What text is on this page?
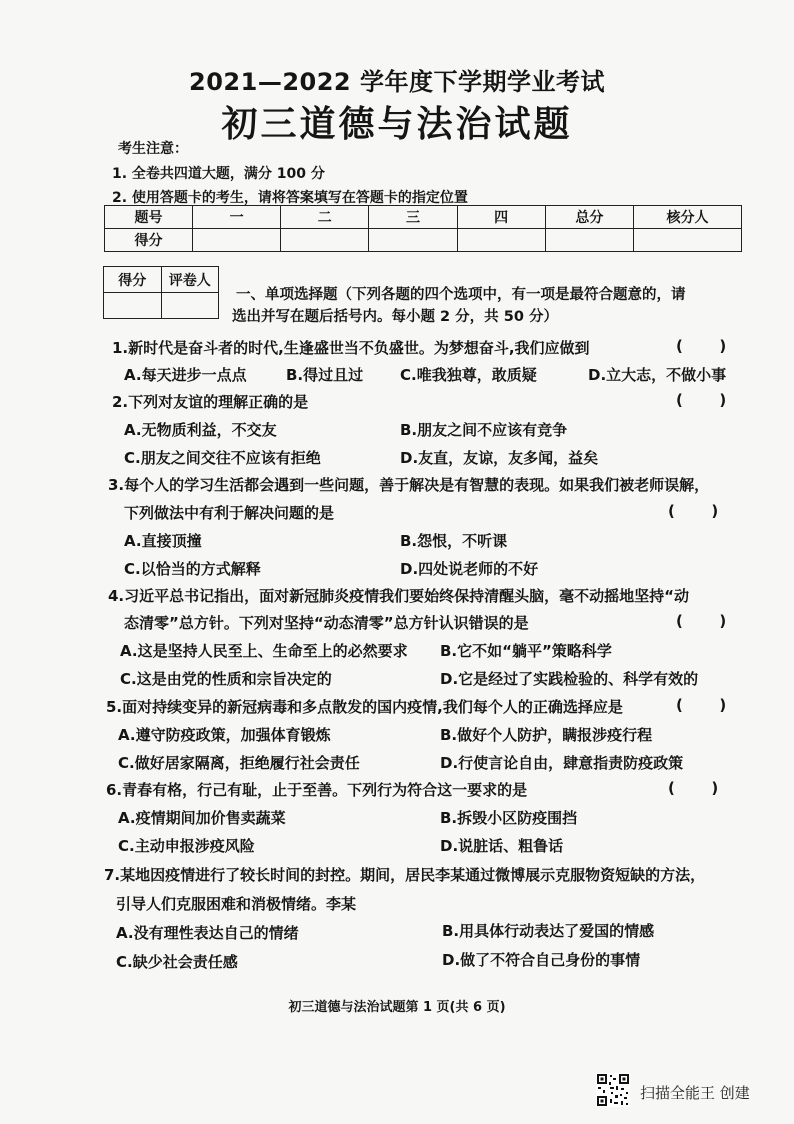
2021—2022 学年度下学期学业考试
初三道德与法治试题
考生注意：
1. 全卷共四道大题，满分 100 分
2. 使用答题卡的考生，请将答案填写在答题卡的指定位置
题号	一	二	三	四	总分	核分人
得分						
得分	评卷人

一、单项选择题（下列各题的四个选项中，有一项是最符合题意的，请
选出并写在题后括号内。每小题 2 分，共 50 分）
1.新时代是奋斗者的时代,生逢盛世当不负盛世。为梦想奋斗,我们应做到	(       )
A.每天进步一点点	B.得过且过 C.唯我独尊，敢质疑	D.立大志，不做小事
2.下列对友谊的理解正确的是	(       )
A.无物质利益，不交友	B.朋友之间不应该有竞争
C.朋友之间交往不应该有拒绝	D.友直，友谅，友多闻，益矣
3.每个人的学习生活都会遇到一些问题，善于解决是有智慧的表现。如果我们被老师误解，
下列做法中有利于解决问题的是	(       )
A.直接顶撞	B.怨恨，不听课
C.以恰当的方式解释	D.四处说老师的不好
4.习近平总书记指出，面对新冠肺炎疫情我们要始终保持清醒头脑，毫不动摇地坚持“动
态清零”总方针。下列对坚持“动态清零”总方针认识错误的是	(       )
A.这是坚持人民至上、生命至上的必然要求 B.它不如“躺平”策略科学
C.这是由党的性质和宗旨决定的	D.它是经过了实践检验的、科学有效的
5.面对持续变异的新冠病毒和多点散发的国内疫情,我们每个人的正确选择应是	(       )
A.遵守防疫政策，加强体育锻炼	B.做好个人防护，瞒报涉疫行程
C.做好居家隔离，拒绝履行社会责任	D.行使言论自由，肆意指责防疫政策
6.青春有格，行己有耻，止于至善。下列行为符合这一要求的是	(       )
A.疫情期间加价售卖蔬菜	B.拆毁小区防疫围挡
C.主动申报涉疫风险	D.说脏话、粗鲁话
7.某地因疫情进行了较长时间的封控。期间，居民李某通过微博展示克服物资短缺的方法，
引导人们克服困难和消极情绪。李某
A.没有理性表达自己的情绪	B.用具体行动表达了爱国的情感
C.缺少社会责任感	D.做了不符合自己身份的事情
初三道德与法治试题第 1 页(共 6 页)
扫描全能王 创建
